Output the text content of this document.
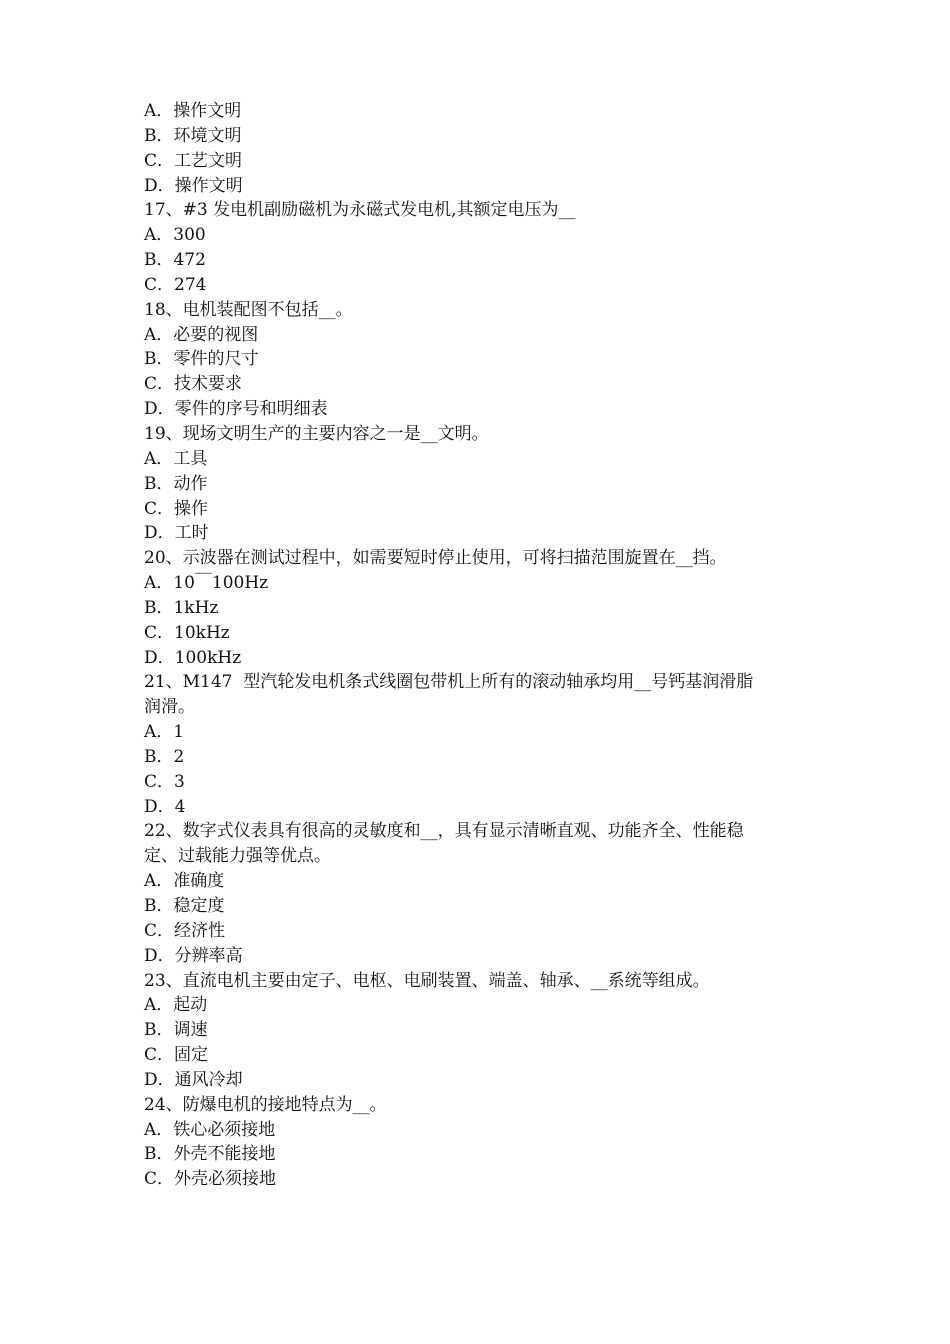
A．操作文明
B．环境文明
C．工艺文明
D．操作文明
17、#3 发电机副励磁机为永磁式发电机,其额定电压为__
A．300
B．472
C．274
18、电机装配图不包括__。
A．必要的视图
B．零件的尺寸
C．技术要求
D．零件的序号和明细表
19、现场文明生产的主要内容之一是__文明。
A．工具
B．动作
C．操作
D．工时
20、示波器在测试过程中，如需要短时停止使用，可将扫描范围旋置在__挡。
A．10￣100Hz
B．1kHz
C．10kHz
D．100kHz
21、M147  型汽轮发电机条式线圈包带机上所有的滚动轴承均用__号钙基润滑脂
润滑。
A．1
B．2
C．3
D．4
22、数字式仪表具有很高的灵敏度和__，具有显示清晰直观、功能齐全、性能稳
定、过载能力强等优点。
A．准确度
B．稳定度
C．经济性
D．分辨率高
23、直流电机主要由定子、电枢、电刷装置、端盖、轴承、__系统等组成。
A．起动
B．调速
C．固定
D．通风冷却
24、防爆电机的接地特点为__。
A．铁心必须接地
B．外壳不能接地
C．外壳必须接地
